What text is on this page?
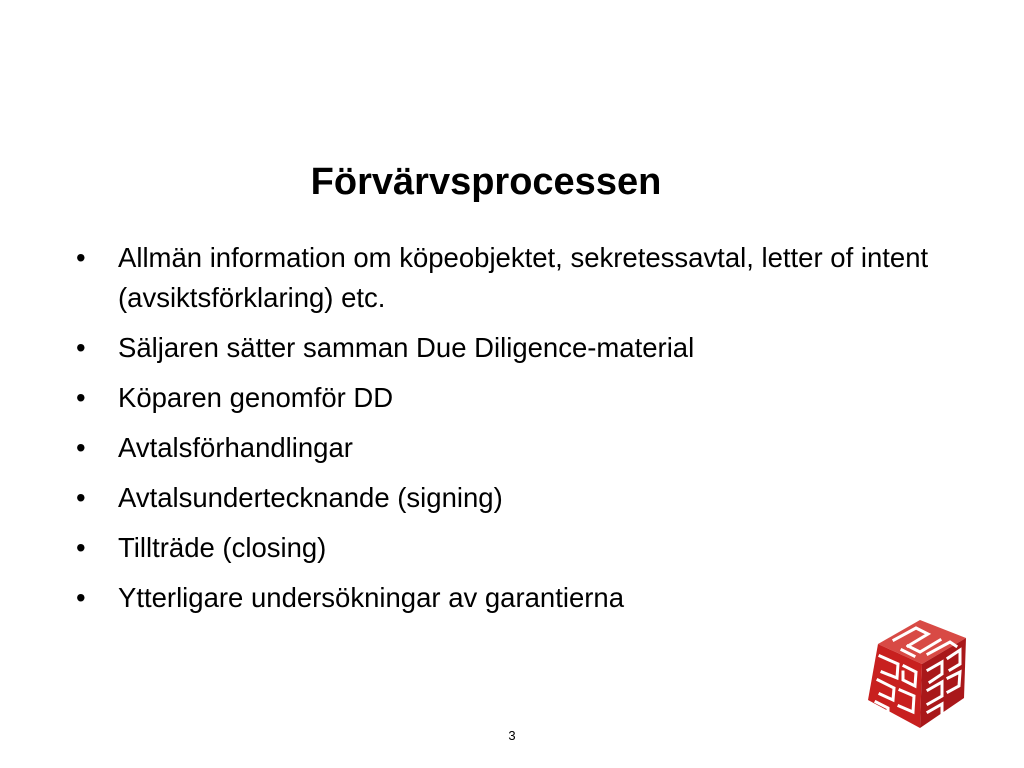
Förvärvsprocessen
•	Allmän information om köpeobjektet, sekretessavtal, letter of intent (avsiktsförklaring) etc.
•	Säljaren sätter samman Due Diligence-material
•	Köparen genomför DD
•	Avtalsförhandlingar
•	Avtalsundertecknande (signing)
•	Tillträde (closing)
•	Ytterligare undersökningar av garantierna
3
